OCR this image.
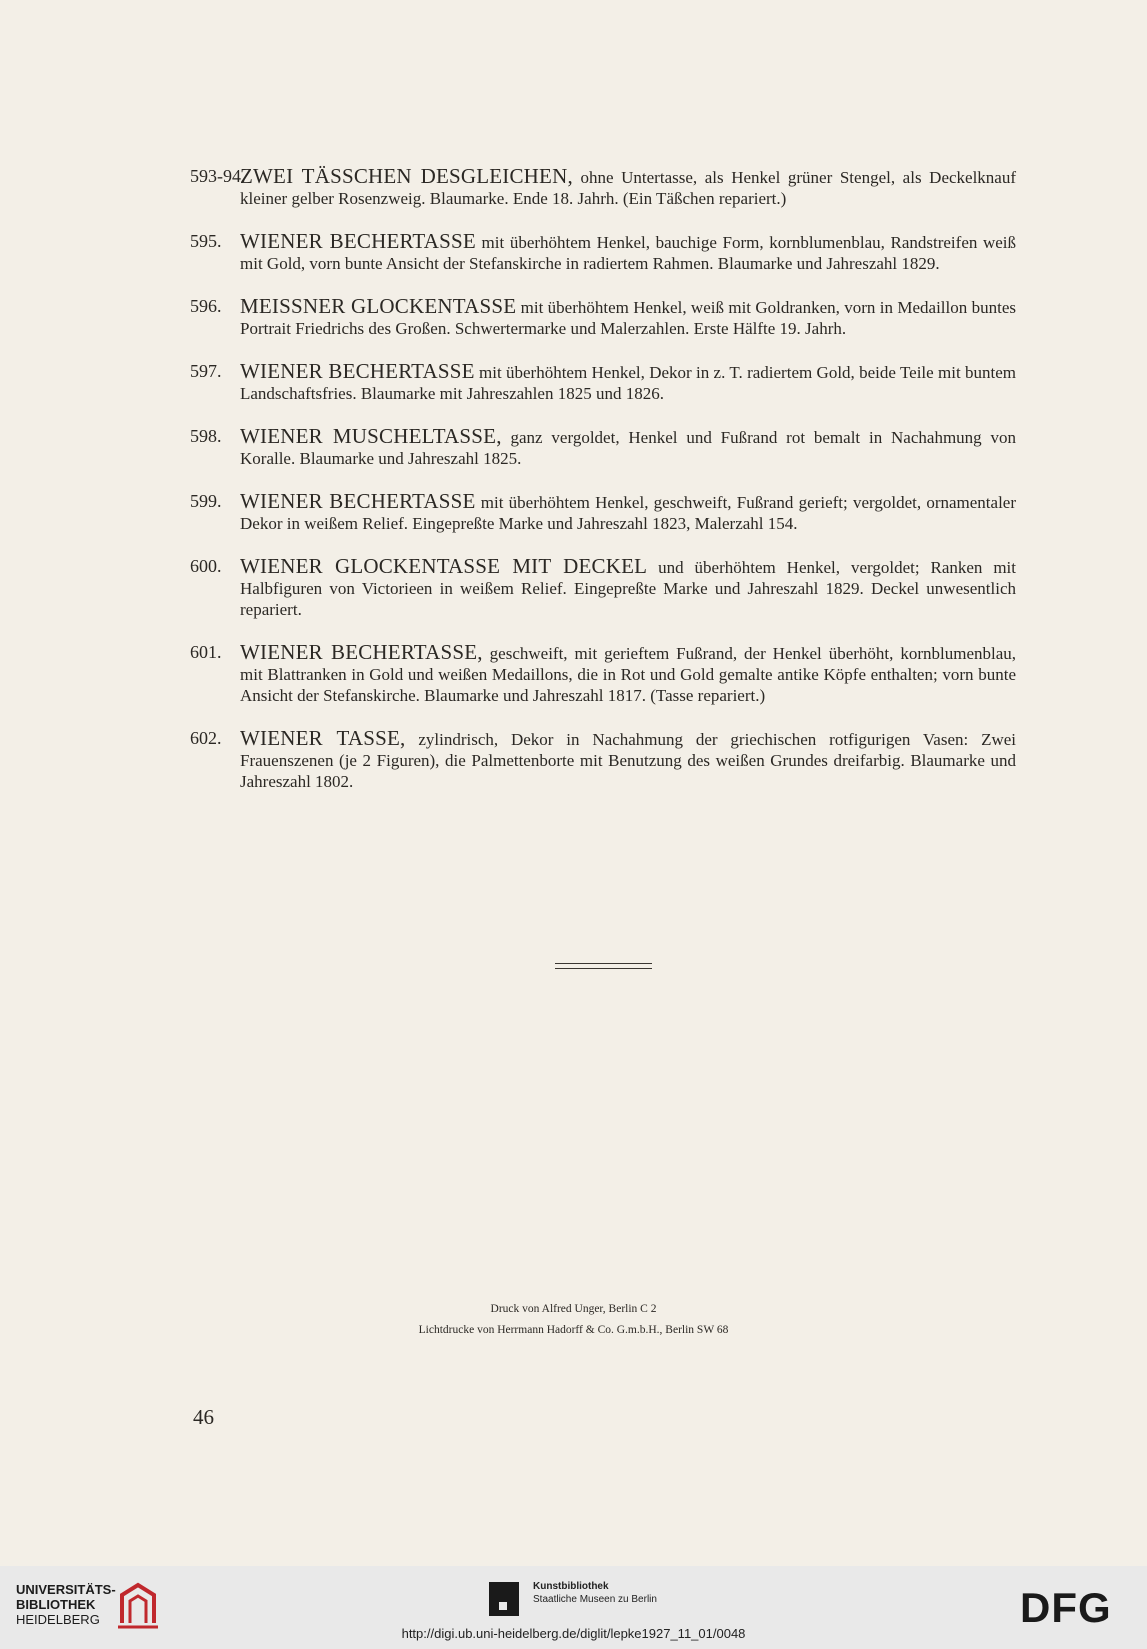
593-94.
ZWEI TÄSSCHEN DESGLEICHEN, ohne Untertasse, als Henkel grüner Stengel, als Deckelknauf kleiner gelber Rosenzweig. Blaumarke. Ende 18. Jahrh. (Ein Täßchen repariert.)
595. WIENER BECHERTASSE mit überhöhtem Henkel, bauchige Form, kornblumenblau, Randstreifen weiß mit Gold, vorn bunte Ansicht der Stefanskirche in radiertem Rahmen. Blaumarke und Jahreszahl 1829.
596. MEISSNER GLOCKENTASSE mit überhöhtem Henkel, weiß mit Goldranken, vorn in Medaillon buntes Portrait Friedrichs des Großen. Schwertermarke und Malerzahlen. Erste Hälfte 19. Jahrh.
597. WIENER BECHERTASSE mit überhöhtem Henkel, Dekor in z. T. radiertem Gold, beide Teile mit buntem Landschaftsfries. Blaumarke mit Jahreszahlen 1825 und 1826.
598. WIENER MUSCHELTASSE, ganz vergoldet, Henkel und Fußrand rot bemalt in Nachahmung von Koralle. Blaumarke und Jahreszahl 1825.
599. WIENER BECHERTASSE mit überhöhtem Henkel, geschweift, Fußrand gerieft; vergoldet, ornamentaler Dekor in weißem Relief. Eingepreßte Marke und Jahreszahl 1823, Malerzahl 154.
600. WIENER GLOCKENTASSE MIT DECKEL und überhöhtem Henkel, vergoldet; Ranken mit Halbfiguren von Victorieen in weißem Relief. Eingepreßte Marke und Jahreszahl 1829. Deckel unwesentlich repariert.
601. WIENER BECHERTASSE, geschweift, mit gerieftem Fußrand, der Henkel überhöht, kornblumenblau, mit Blattranken in Gold und weißen Medaillons, die in Rot und Gold gemalte antike Köpfe enthalten; vorn bunte Ansicht der Stefanskirche. Blaumarke und Jahreszahl 1817. (Tasse repariert.)
602. WIENER TASSE, zylindrisch, Dekor in Nachahmung der griechischen rotfigurigen Vasen: Zwei Frauenszenen (je 2 Figuren), die Palmettenborte mit Benutzung des weißen Grundes dreifarbig. Blaumarke und Jahreszahl 1802.
Druck von Alfred Unger, Berlin C 2
Lichtdrucke von Herrmann Hadorff & Co. G.m.b.H., Berlin SW 68
46
UNIVERSITÄTS-
BIBLIOTHEK
HEIDELBERG
Kunstbibliothek
Staatliche Museen zu Berlin	DFG
http://digi.ub.uni-heidelberg.de/diglit/lepke1927_11_01/0048
